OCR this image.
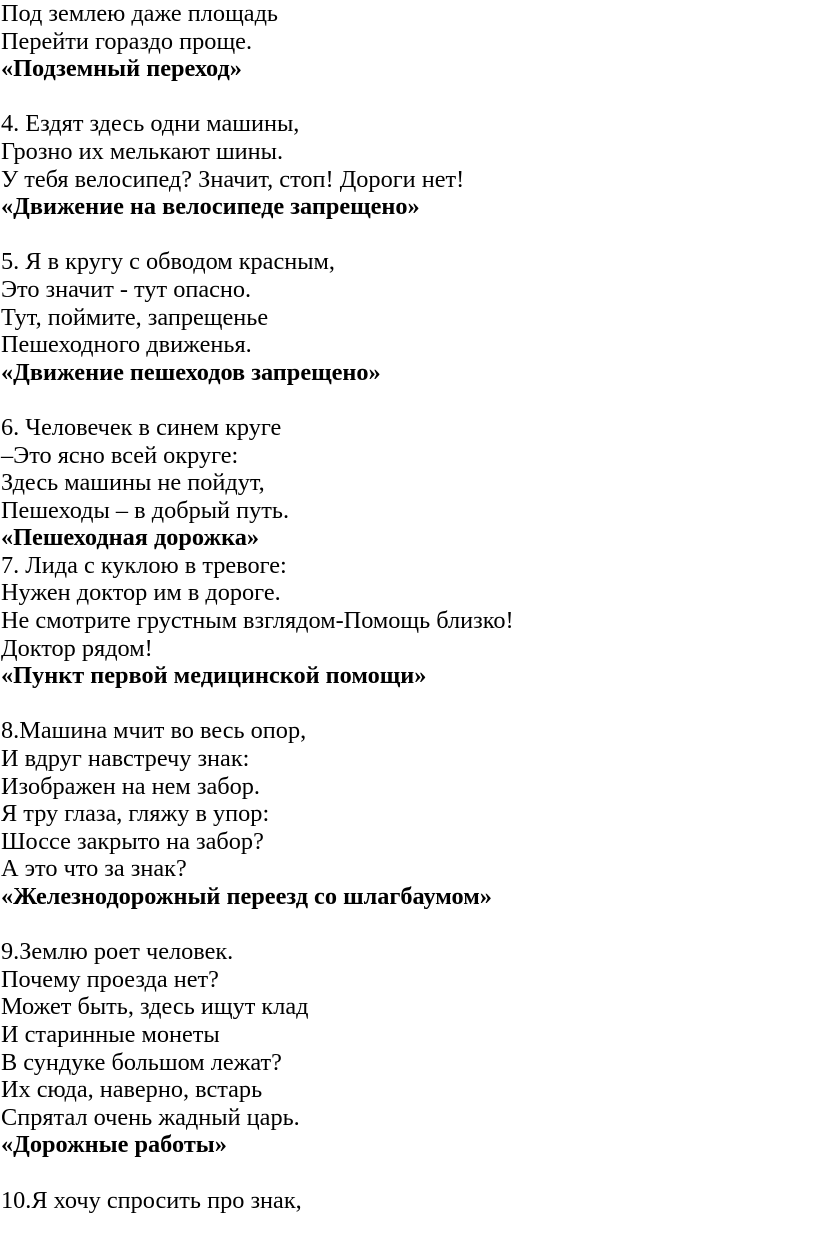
Под землею даже площадь
Перейти гораздо проще.
«Подземный переход»
4. Ездят здесь одни машины,
Грозно их мелькают шины.
У тебя велосипед? Значит, стоп! Дороги нет!
«Движение на велосипеде запрещено»
5. Я в кругу с обводом красным,
Это значит - тут опасно.
Тут, поймите, запрещенье
Пешеходного движенья.
«Движение пешеходов запрещено»
6. Человечек в синем круге
–Это ясно всей округе:
Здесь машины не пойдут,
Пешеходы – в добрый путь.
«Пешеходная дорожка»
7. Лида с куклою в тревоге:
Нужен доктор им в дороге.
Не смотрите грустным взглядом-Помощь близко!
Доктор рядом!
«Пункт первой медицинской помощи»
8.Машина мчит во весь опор,
И вдруг навстречу знак:
Изображен на нем забор.
Я тру глаза, гляжу в упор:
Шоссе закрыто на забор?
А это что за знак?
«Железнодорожный переезд со шлагбаумом»
9.Землю роет человек.
Почему проезда нет?
Может быть, здесь ищут клад
И старинные монеты
В сундуке большом лежат?
Их сюда, наверно, встарь
Спрятал очень жадный царь.
«Дорожные работы»
10.Я хочу спросить про знак,
